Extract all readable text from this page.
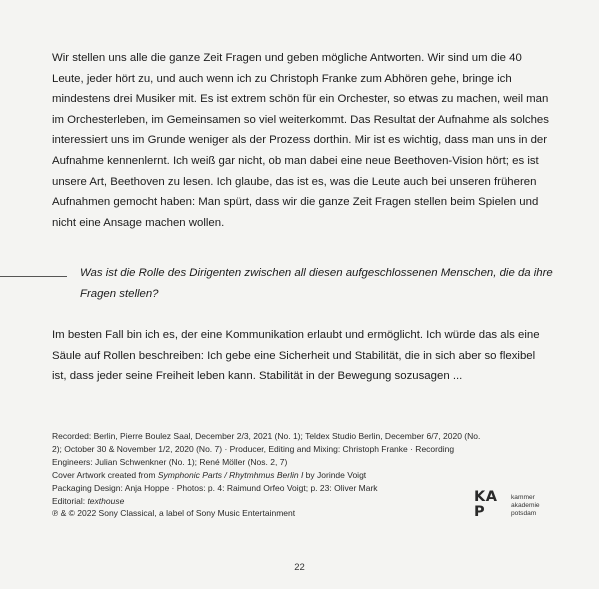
Wir stellen uns alle die ganze Zeit Fragen und geben mögliche Antworten. Wir sind um die 40 Leute, jeder hört zu, und auch wenn ich zu Christoph Franke zum Abhören gehe, bringe ich mindestens drei Musiker mit. Es ist extrem schön für ein Orchester, so etwas zu machen, weil man im Orchesterleben, im Gemeinsamen so viel weiterkommt. Das Resultat der Aufnahme als solches interessiert uns im Grunde weniger als der Prozess dorthin. Mir ist es wichtig, dass man uns in der Aufnahme kennenlernt. Ich weiß gar nicht, ob man dabei eine neue Beethoven-Vision hört; es ist unsere Art, Beethoven zu lesen. Ich glaube, das ist es, was die Leute auch bei unseren früheren Aufnahmen gemocht haben: Man spürt, dass wir die ganze Zeit Fragen stellen beim Spielen und nicht eine Ansage machen wollen.

Was ist die Rolle des Dirigenten zwischen all diesen aufgeschlossenen Menschen, die da ihre Fragen stellen?

Im besten Fall bin ich es, der eine Kommunikation erlaubt und ermöglicht. Ich würde das als eine Säule auf Rollen beschreiben: Ich gebe eine Sicherheit und Stabilität, die in sich aber so flexibel ist, dass jeder seine Freiheit leben kann. Stabilität in der Bewegung sozusagen ...

Recorded: Berlin, Pierre Boulez Saal, December 2/3, 2021 (No. 1); Teldex Studio Berlin, December 6/7, 2020 (No. 2); October 30 & November 1/2, 2020 (No. 7) · Producer, Editing and Mixing: Christoph Franke · Recording Engineers: Julian Schwenkner (No. 1); René Möller (Nos. 2, 7)
Cover Artwork created from Symphonic Parts / Rhytmhmus Berlin I by Jorinde Voigt
Packaging Design: Anja Hoppe · Photos: p. 4: Raimund Orfeo Voigt; p. 23: Oliver Mark
Editorial: texthouse
℗ & © 2022 Sony Classical, a label of Sony Music Entertainment

KA
P
kammer
akademie
potsdam
22
